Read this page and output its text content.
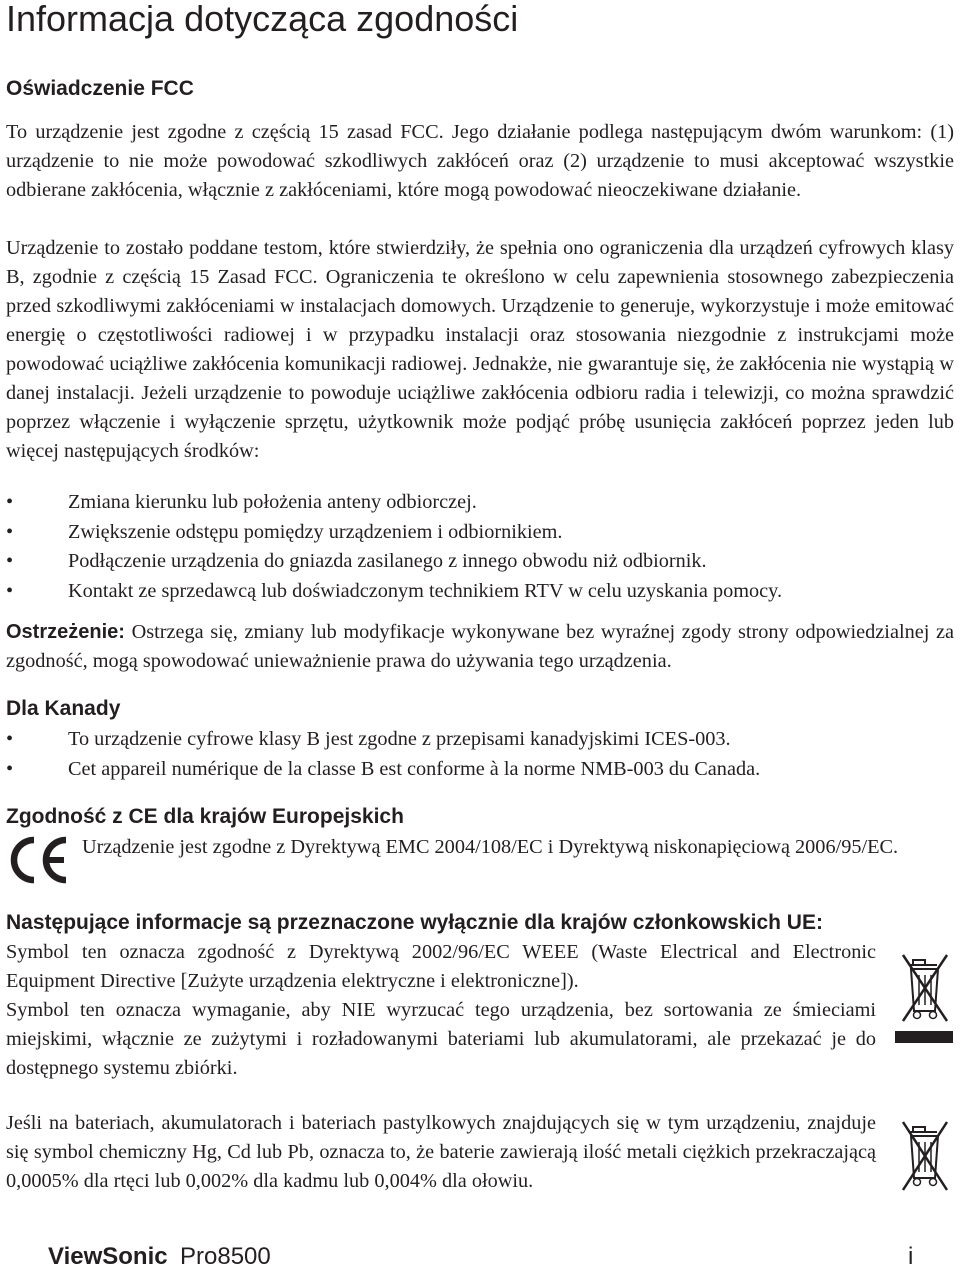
Informacja dotycząca zgodności
Oświadczenie FCC
To urządzenie jest zgodne z częścią 15 zasad FCC. Jego działanie podlega następującym dwóm warunkom: (1) urządzenie to nie może powodować szkodliwych zakłóceń oraz (2) urządzenie to musi akceptować wszystkie odbierane zakłócenia, włącznie z zakłóceniami, które mogą powodować nieoczekiwane działanie.
Urządzenie to zostało poddane testom, które stwierdziły, że spełnia ono ograniczenia dla urządzeń cyfrowych klasy B, zgodnie z częścią 15 Zasad FCC. Ograniczenia te określono w celu zapewnienia stosownego zabezpieczenia przed szkodliwymi zakłóceniami w instalacjach domowych. Urządzenie to generuje, wykorzystuje i może emitować energię o częstotliwości radiowej i w przypadku instalacji oraz stosowania niezgodnie z instrukcjami może powodować uciążliwe zakłócenia komunikacji radiowej. Jednakże, nie gwarantuje się, że zakłócenia nie wystąpią w danej instalacji. Jeżeli urządzenie to powoduje uciążliwe zakłócenia odbioru radia i telewizji, co można sprawdzić poprzez włączenie i wyłączenie sprzętu, użytkownik może podjąć próbę usunięcia zakłóceń poprzez jeden lub więcej następujących środków:
•	Zmiana kierunku lub położenia anteny odbiorczej.
•	Zwiększenie odstępu pomiędzy urządzeniem i odbiornikiem.
•	Podłączenie urządzenia do gniazda zasilanego z innego obwodu niż odbiornik.
•	Kontakt ze sprzedawcą lub doświadczonym technikiem RTV w celu uzyskania pomocy.
Ostrzeżenie: Ostrzega się, zmiany lub modyfikacje wykonywane bez wyraźnej zgody strony odpowiedzialnej za zgodność, mogą spowodować unieważnienie prawa do używania tego urządzenia.
Dla Kanady
•	To urządzenie cyfrowe klasy B jest zgodne z przepisami kanadyjskimi ICES-003.
•	Cet appareil numérique de la classe B est conforme à la norme NMB-003 du Canada.
Zgodność z CE dla krajów Europejskich
Urządzenie jest zgodne z Dyrektywą EMC 2004/108/EC i Dyrektywą niskonapięciową 2006/95/EC.
Następujące informacje są przeznaczone wyłącznie dla krajów członkowskich UE:
Symbol ten oznacza zgodność z Dyrektywą 2002/96/EC WEEE (Waste Electrical and Electronic Equipment Directive [Zużyte urządzenia elektryczne i elektroniczne]).
Symbol ten oznacza wymaganie, aby NIE wyrzucać tego urządzenia, bez sortowania ze śmieciami miejskimi, włącznie ze zużytymi i rozładowanymi bateriami lub akumulatorami, ale przekazać je do dostępnego systemu zbiórki.
Jeśli na bateriach, akumulatorach i bateriach pastylkowych znajdujących się w tym urządzeniu, znajduje się symbol chemiczny Hg, Cd lub Pb, oznacza to, że baterie zawierają ilość metali ciężkich przekraczającą 0,0005% dla rtęci lub 0,002% dla kadmu lub 0,004% dla ołowiu.
ViewSonic Pro8500	i
